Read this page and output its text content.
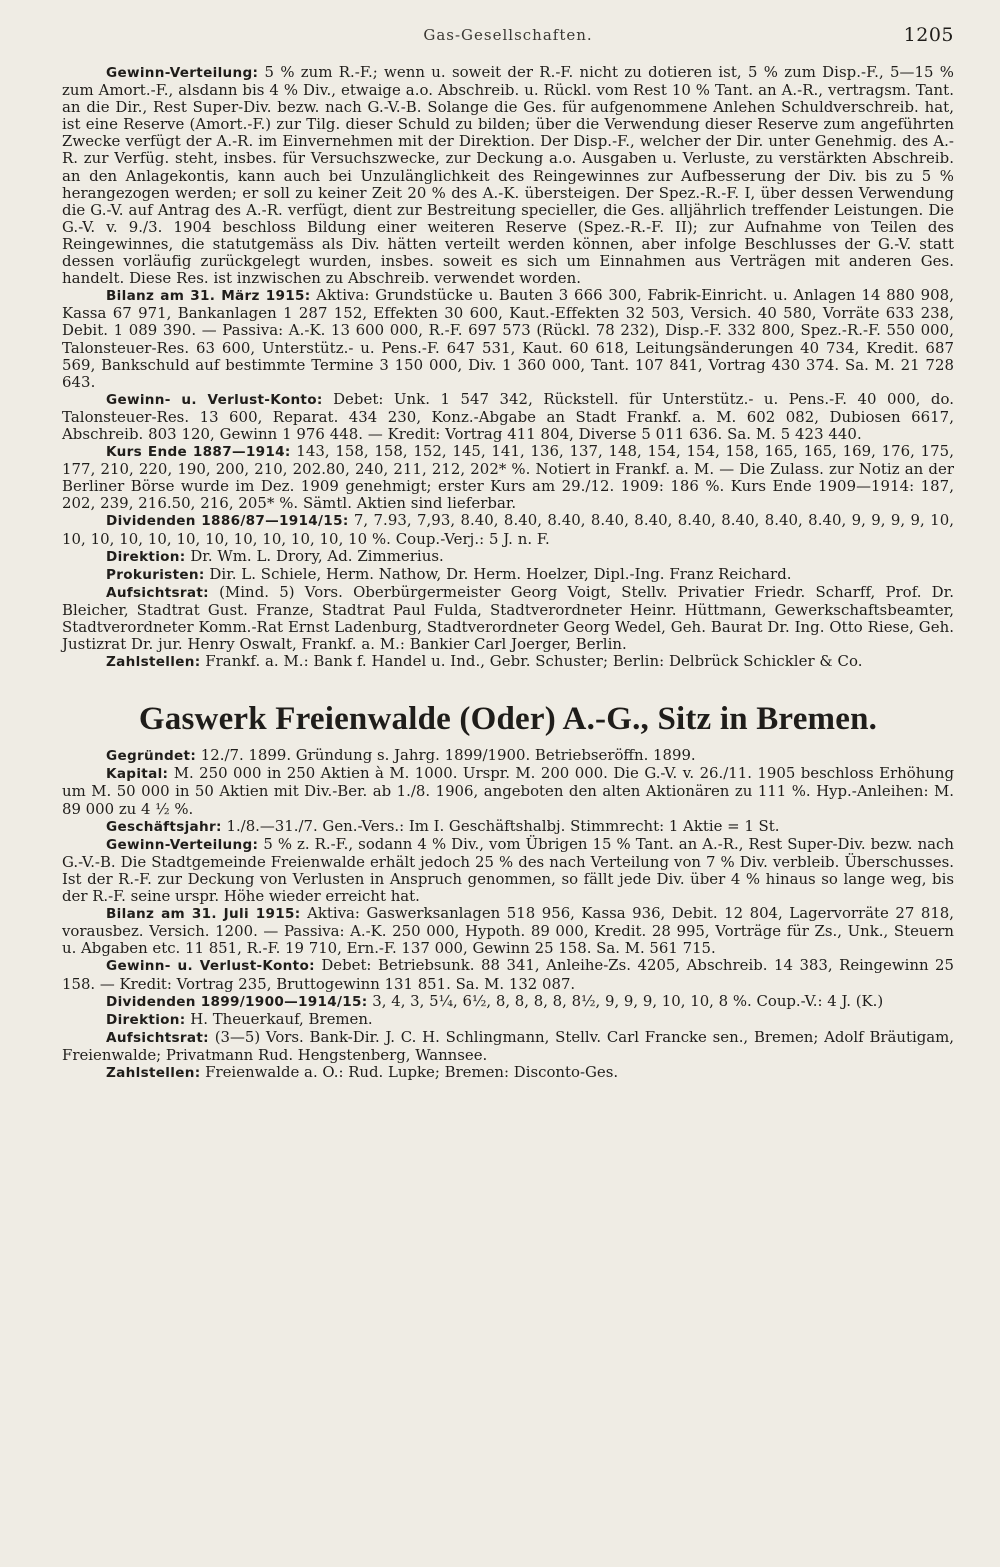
Gas-Gesellschaften.	1205

Gewinn-Verteilung: 5 % zum R.-F.; wenn u. soweit der R.-F. nicht zu dotieren ist, 5 % zum Disp.-F., 5—15 % zum Amort.-F., alsdann bis 4 % Div., etwaige a.o. Abschreib. u. Rückl. vom Rest 10 % Tant. an A.-R., vertragsm. Tant. an die Dir., Rest Super-Div. bezw. nach G.-V.-B. Solange die Ges. für aufgenommene Anlehen Schuldverschreib. hat, ist eine Reserve (Amort.-F.) zur Tilg. dieser Schuld zu bilden; über die Verwendung dieser Reserve zum angeführten Zwecke verfügt der A.-R. im Einvernehmen mit der Direktion. Der Disp.-F., welcher der Dir. unter Genehmig. des A.-R. zur Verfüg. steht, insbes. für Versuchszwecke, zur Deckung a.o. Ausgaben u. Verluste, zu verstärkten Abschreib. an den Anlagekontis, kann auch bei Unzulänglichkeit des Reingewinnes zur Aufbesserung der Div. bis zu 5 % herangezogen werden; er soll zu keiner Zeit 20 % des A.-K. übersteigen. Der Spez.-R.-F. I, über dessen Verwendung die G.-V. auf Antrag des A.-R. verfügt, dient zur Bestreitung specieller, die Ges. alljährlich treffender Leistungen. Die G.-V. v. 9./3. 1904 beschloss Bildung einer weiteren Reserve (Spez.-R.-F. II); zur Aufnahme von Teilen des Reingewinnes, die statutgemäss als Div. hätten verteilt werden können, aber infolge Beschlusses der G.-V. statt dessen vorläufig zurückgelegt wurden, insbes. soweit es sich um Einnahmen aus Verträgen mit anderen Ges. handelt. Diese Res. ist inzwischen zu Abschreib. verwendet worden.

Bilanz am 31. März 1915: Aktiva: Grundstücke u. Bauten 3 666 300, Fabrik-Einricht. u. Anlagen 14 880 908, Kassa 67 971, Bankanlagen 1 287 152, Effekten 30 600, Kaut.-Effekten 32 503, Versich. 40 580, Vorräte 633 238, Debit. 1 089 390. — Passiva: A.-K. 13 600 000, R.-F. 697 573 (Rückl. 78 232), Disp.-F. 332 800, Spez.-R.-F. 550 000, Talonsteuer-Res. 63 600, Unterstütz.- u. Pens.-F. 647 531, Kaut. 60 618, Leitungsänderungen 40 734, Kredit. 687 569, Bankschuld auf bestimmte Termine 3 150 000, Div. 1 360 000, Tant. 107 841, Vortrag 430 374. Sa. M. 21 728 643.

Gewinn- u. Verlust-Konto: Debet: Unk. 1 547 342, Rückstell. für Unterstütz.- u. Pens.-F. 40 000, do. Talonsteuer-Res. 13 600, Reparat. 434 230, Konz.-Abgabe an Stadt Frankf. a. M. 602 082, Dubiosen 6617, Abschreib. 803 120, Gewinn 1 976 448. — Kredit: Vortrag 411 804, Diverse 5 011 636. Sa. M. 5 423 440.

Kurs Ende 1887—1914: 143, 158, 158, 152, 145, 141, 136, 137, 148, 154, 154, 158, 165, 165, 169, 176, 175, 177, 210, 220, 190, 200, 210, 202.80, 240, 211, 212, 202* %. Notiert in Frankf. a. M. — Die Zulass. zur Notiz an der Berliner Börse wurde im Dez. 1909 genehmigt; erster Kurs am 29./12. 1909: 186 %. Kurs Ende 1909—1914: 187, 202, 239, 216.50, 216, 205* %. Sämtl. Aktien sind lieferbar.

Dividenden 1886/87—1914/15: 7, 7.93, 7,93, 8.40, 8.40, 8.40, 8.40, 8.40, 8.40, 8.40, 8.40, 8.40, 9, 9, 9, 9, 10, 10, 10, 10, 10, 10, 10, 10, 10, 10, 10, 10 %. Coup.-Verj.: 5 J. n. F.

Direktion: Dr. Wm. L. Drory, Ad. Zimmerius.

Prokuristen: Dir. L. Schiele, Herm. Nathow, Dr. Herm. Hoelzer, Dipl.-Ing. Franz Reichard.

Aufsichtsrat: (Mind. 5) Vors. Oberbürgermeister Georg Voigt, Stellv. Privatier Friedr. Scharff, Prof. Dr. Bleicher, Stadtrat Gust. Franze, Stadtrat Paul Fulda, Stadtverordneter Heinr. Hüttmann, Gewerkschaftsbeamter, Stadtverordneter Komm.-Rat Ernst Ladenburg, Stadtverordneter Georg Wedel, Geh. Baurat Dr. Ing. Otto Riese, Geh. Justizrat Dr. jur. Henry Oswalt, Frankf. a. M.: Bankier Carl Joerger, Berlin.

Zahlstellen: Frankf. a. M.: Bank f. Handel u. Ind., Gebr. Schuster; Berlin: Delbrück Schickler & Co.

Gaswerk Freienwalde (Oder) A.-G., Sitz in Bremen.

Gegründet: 12./7. 1899. Gründung s. Jahrg. 1899/1900. Betriebseröffn. 1899.

Kapital: M. 250 000 in 250 Aktien à M. 1000. Urspr. M. 200 000. Die G.-V. v. 26./11. 1905 beschloss Erhöhung um M. 50 000 in 50 Aktien mit Div.-Ber. ab 1./8. 1906, angeboten den alten Aktionären zu 111 %. Hyp.-Anleihen: M. 89 000 zu 4 ½ %.

Geschäftsjahr: 1./8.—31./7. Gen.-Vers.: Im I. Geschäftshalbj. Stimmrecht: 1 Aktie = 1 St.

Gewinn-Verteilung: 5 % z. R.-F., sodann 4 % Div., vom Übrigen 15 % Tant. an A.-R., Rest Super-Div. bezw. nach G.-V.-B. Die Stadtgemeinde Freienwalde erhält jedoch 25 % des nach Verteilung von 7 % Div. verbleib. Überschusses. Ist der R.-F. zur Deckung von Verlusten in Anspruch genommen, so fällt jede Div. über 4 % hinaus so lange weg, bis der R.-F. seine urspr. Höhe wieder erreicht hat.

Bilanz am 31. Juli 1915: Aktiva: Gaswerksanlagen 518 956, Kassa 936, Debit. 12 804, Lagervorräte 27 818, vorausbez. Versich. 1200. — Passiva: A.-K. 250 000, Hypoth. 89 000, Kredit. 28 995, Vorträge für Zs., Unk., Steuern u. Abgaben etc. 11 851, R.-F. 19 710, Ern.-F. 137 000, Gewinn 25 158. Sa. M. 561 715.

Gewinn- u. Verlust-Konto: Debet: Betriebsunk. 88 341, Anleihe-Zs. 4205, Abschreib. 14 383, Reingewinn 25 158. — Kredit: Vortrag 235, Bruttogewinn 131 851. Sa. M. 132 087.

Dividenden 1899/1900—1914/15: 3, 4, 3, 5¼, 6½, 8, 8, 8, 8, 8½, 9, 9, 9, 10, 10, 8 %. Coup.-V.: 4 J. (K.)

Direktion: H. Theuerkauf, Bremen.

Aufsichtsrat: (3—5) Vors. Bank-Dir. J. C. H. Schlingmann, Stellv. Carl Francke sen., Bremen; Adolf Bräutigam, Freienwalde; Privatmann Rud. Hengstenberg, Wannsee.

Zahlstellen: Freienwalde a. O.: Rud. Lupke; Bremen: Disconto-Ges.
